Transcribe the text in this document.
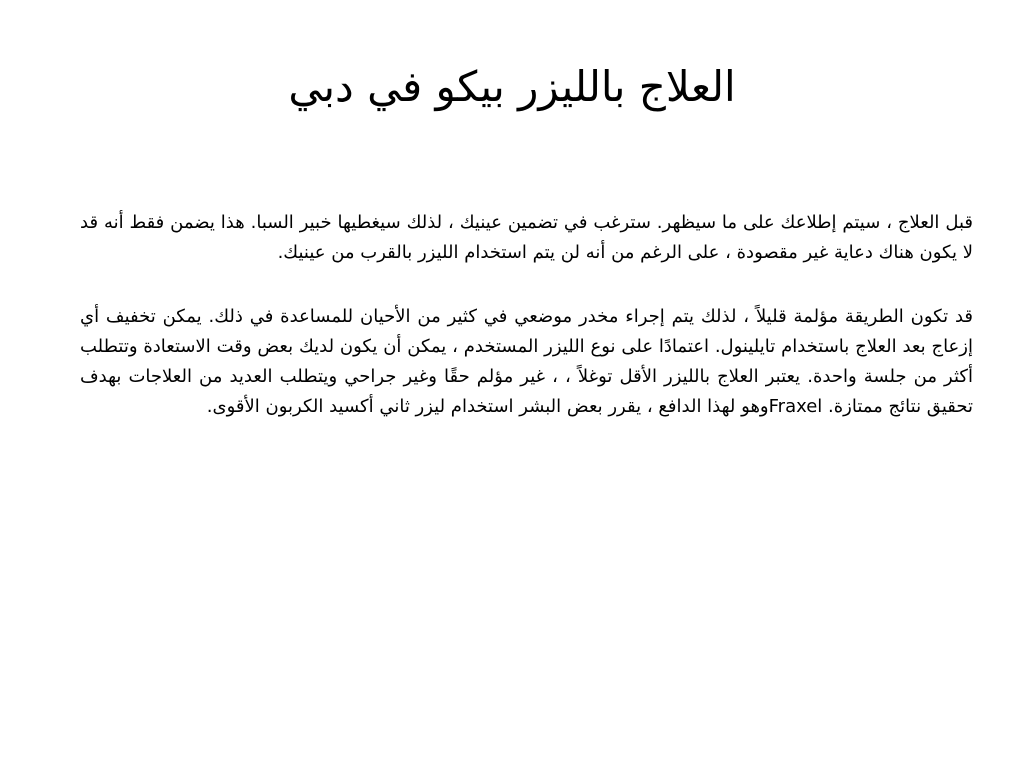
العلاج بالليزر بيكو في دبي

قبل العلاج ، سيتم إطلاعك على ما سيظهر. سترغب في تضمين عينيك ، لذلك سيغطيها خبير السبا. هذا يضمن فقط أنه قد لا يكون هناك دعاية غير مقصودة ، على الرغم من أنه لن يتم استخدام الليزر بالقرب من عينيك.

قد تكون الطريقة مؤلمة قليلاً ، لذلك يتم إجراء مخدر موضعي في كثير من الأحيان للمساعدة في ذلك. يمكن تخفيف أي إزعاج بعد العلاج باستخدام تايلينول. اعتمادًا على نوع الليزر المستخدم ، يمكن أن يكون لديك بعض وقت الاستعادة وتتطلب أكثر من جلسة واحدة. يعتبر العلاج بالليزر الأقل توغلاً ، ، غير مؤلم حقًا وغير جراحي ويتطلب العديد من العلاجات بهدف تحقيق نتائج ممتازة. Fraxelوهو لهذا الدافع ، يقرر بعض البشر استخدام ليزر ثاني أكسيد الكربون الأقوى.
